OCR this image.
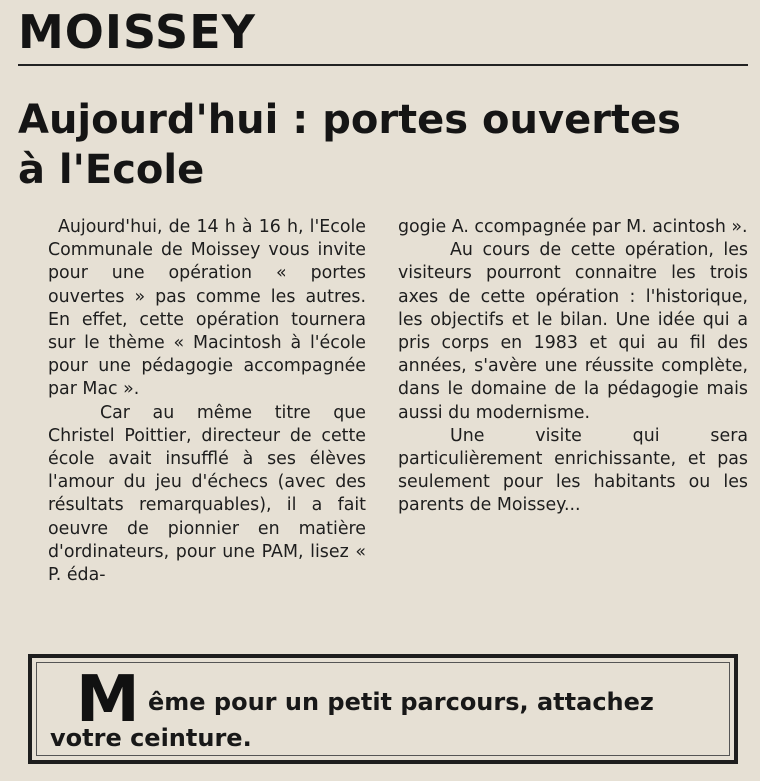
MOISSEY
Aujourd'hui : portes ouvertes
à l'Ecole

Aujourd'hui, de 14 h à 16 h, l'Ecole Communale de Moissey vous invite pour une opération « portes ouvertes » pas comme les autres. En effet, cette opération tournera sur le thème « Macintosh à l'école pour une pédagogie accompagnée par Mac ».

Car au même titre que Christel Poittier, directeur de cette école avait insufflé à ses élèves l'amour du jeu d'échecs (avec des résultats remarquables), il a fait oeuvre de pionnier en matière d'ordinateurs, pour une PAM, lisez « P. éda-

gogie A. ccompagnée par M. acintosh ».

Au cours de cette opération, les visiteurs pourront connaitre les trois axes de cette opération : l'historique, les objectifs et le bilan. Une idée qui a pris corps en 1983 et qui au fil des années, s'avère une réussite complète, dans le domaine de la pédagogie mais aussi du modernisme.

Une visite qui sera particulièrement enrichissante, et pas seulement pour les habitants ou les parents de Moissey...

M ême pour un petit parcours, attachez votre ceinture.
